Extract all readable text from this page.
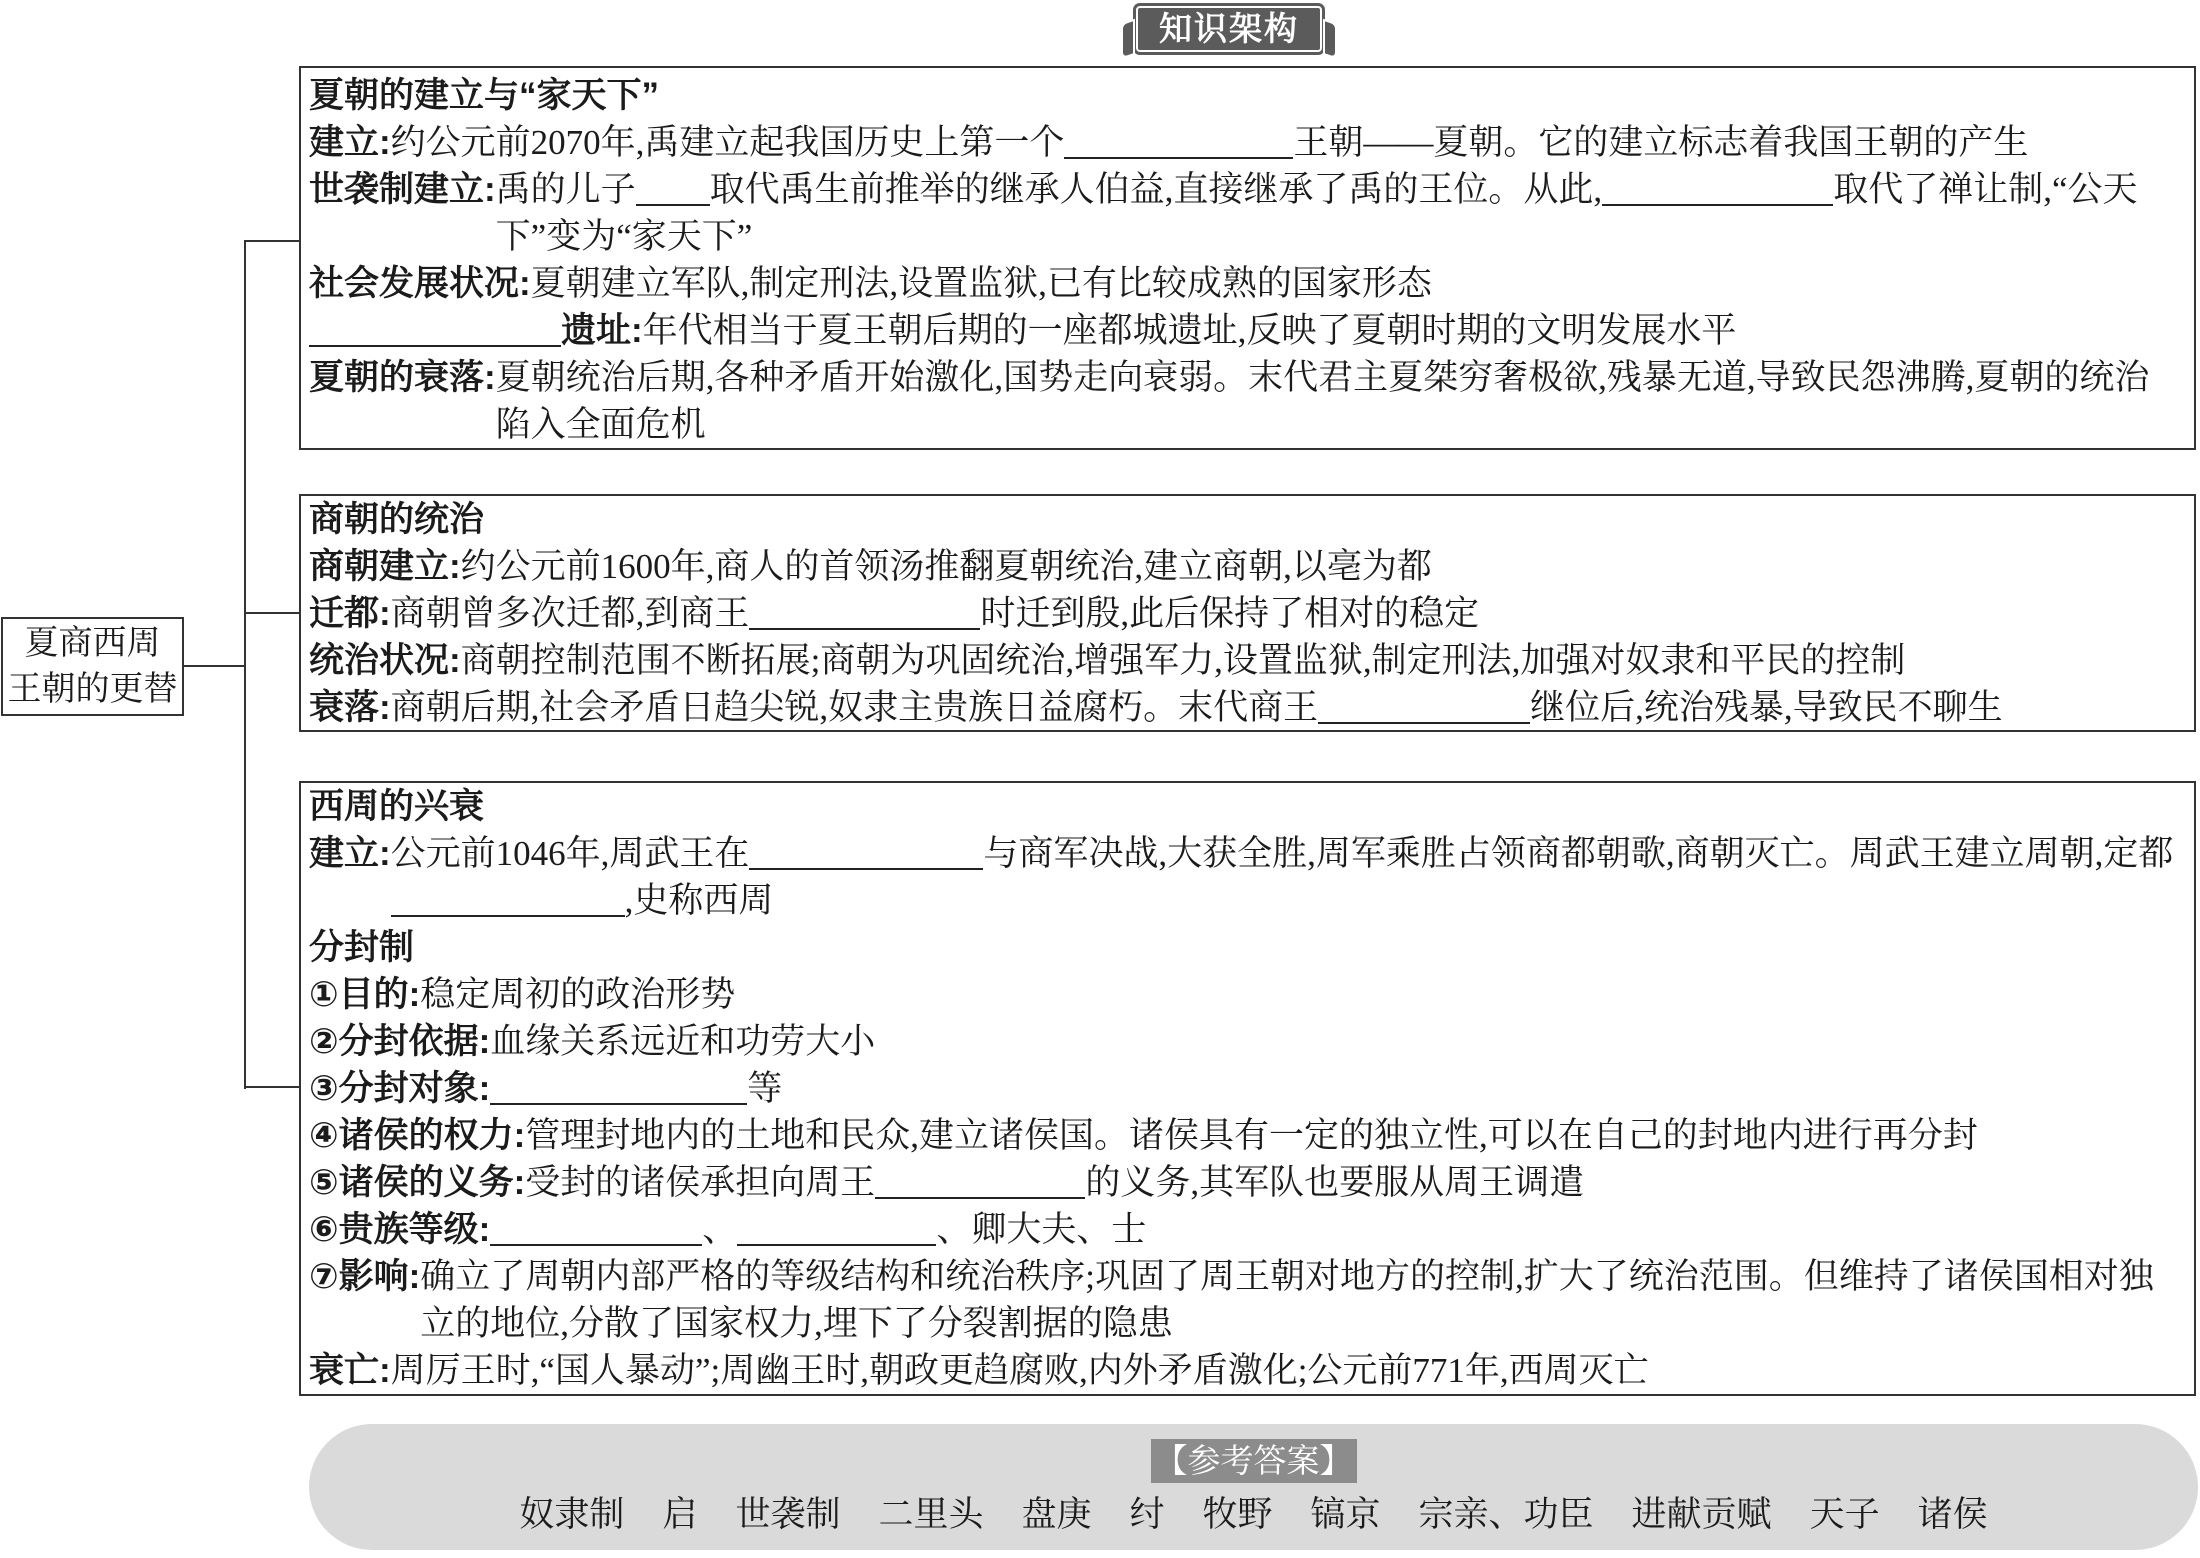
知识架构
夏商西周
王朝的更替
夏朝的建立与“家天下”
建立: 约公元前2070年,禹建立起我国历史上第一个	王朝——夏朝。它的建立标志着我国王朝的产生
世袭制建立: 禹的儿子 取代禹生前推举的继承人伯益,直接继承了禹的王位。从此,	取代了禅让制,“公天下”变为“家天下”
社会发展状况: 夏朝建立军队,制定刑法,设置监狱,已有比较成熟的国家形态
遗址: 年代相当于夏王朝后期的一座都城遗址,反映了夏朝时期的文明发展水平
夏朝的衰落: 夏朝统治后期,各种矛盾开始激化,国势走向衰弱。末代君主夏桀穷奢极欲,残暴无道,导致民怨沸腾,夏朝的统治陷入全面危机
商朝的统治
商朝建立: 约公元前1600年,商人的首领汤推翻夏朝统治,建立商朝,以亳为都
迁都: 商朝曾多次迁都,到商王	时迁到殷,此后保持了相对的稳定
统治状况: 商朝控制范围不断拓展;商朝为巩固统治,增强军力,设置监狱,制定刑法,加强对奴隶和平民的控制
衰落: 商朝后期,社会矛盾日趋尖锐,奴隶主贵族日益腐朽。末代商王	继位后,统治残暴,导致民不聊生
西周的兴衰
建立: 公元前1046年,周武王在	与商军决战,大获全胜,周军乘胜占领商都朝歌,商朝灭亡。周武王建立周朝,定都,史称西周
分封制
①目的: 稳定周初的政治形势
②分封依据: 血缘关系远近和功劳大小
③分封对象:	等
④诸侯的权力: 管理封地内的土地和民众,建立诸侯国。诸侯具有一定的独立性,可以在自己的封地内进行再分封
⑤诸侯的义务: 受封的诸侯承担向周王	的义务,其军队也要服从周王调遣
⑥贵族等级:	、	、卿大夫、士
⑦影响: 确立了周朝内部严格的等级结构和统治秩序;巩固了周王朝对地方的控制,扩大了统治范围。但维持了诸侯国相对独立的地位,分散了国家权力,埋下了分裂割据的隐患
衰亡: 周厉王时,“国人暴动”;周幽王时,朝政更趋腐败,内外矛盾激化;公元前771年,西周灭亡
【参考答案】
奴隶制 启 世袭制 二里头 盘庚 纣 牧野 镐京 宗亲、功臣 进献贡赋 天子 诸侯
